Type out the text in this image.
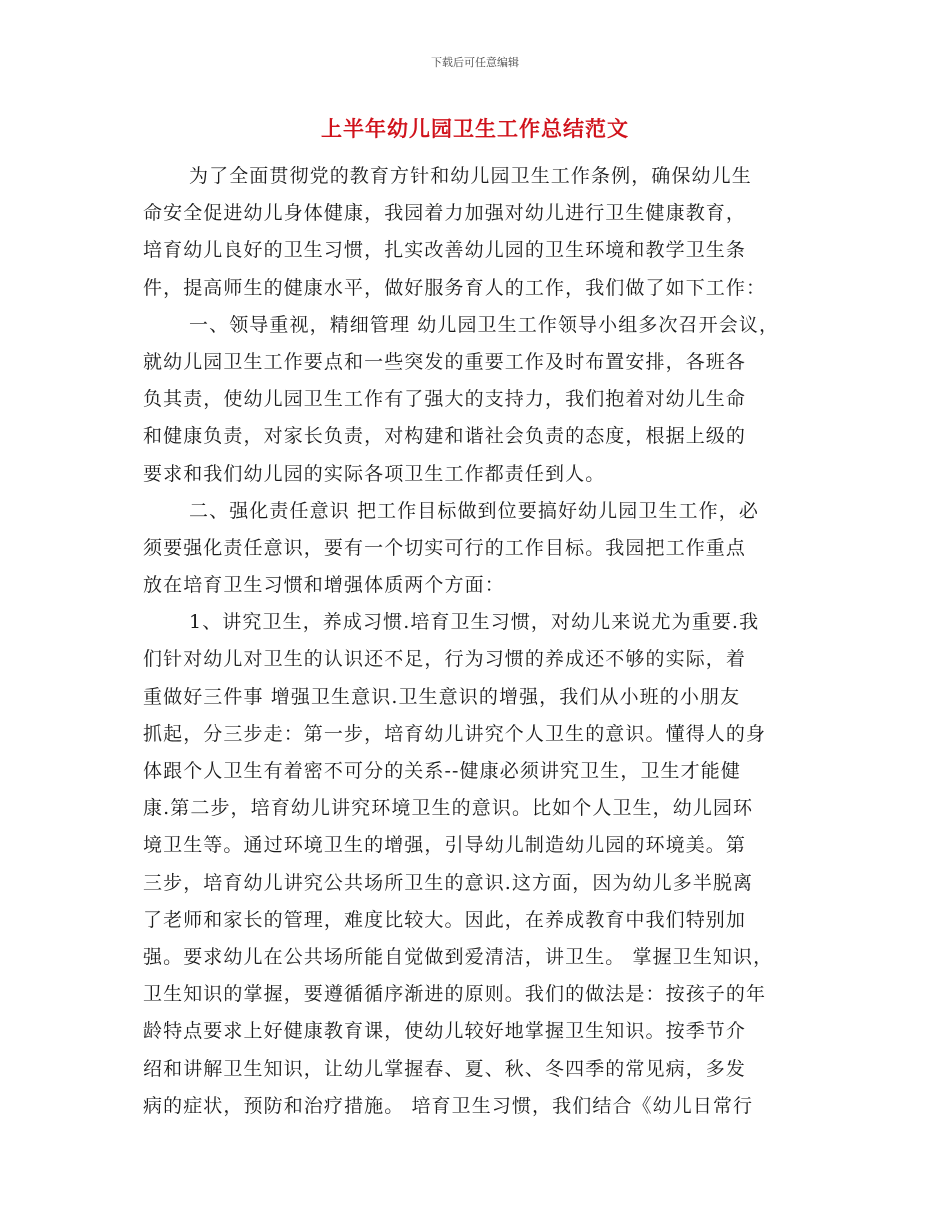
下载后可任意编辑
上半年幼儿园卫生工作总结范文
为了全面贯彻党的教育方针和幼儿园卫生工作条例，确保幼儿生
命安全促进幼儿身体健康，我园着力加强对幼儿进行卫生健康教育，
培育幼儿良好的卫生习惯，扎实改善幼儿园的卫生环境和教学卫生条
件，提高师生的健康水平，做好服务育人的工作，我们做了如下工作：
一、领导重视，精细管理 幼儿园卫生工作领导小组多次召开会议，
就幼儿园卫生工作要点和一些突发的重要工作及时布置安排，各班各
负其责，使幼儿园卫生工作有了强大的支持力，我们抱着对幼儿生命
和健康负责，对家长负责，对构建和谐社会负责的态度，根据上级的
要求和我们幼儿园的实际各项卫生工作都责任到人。
二、强化责任意识 把工作目标做到位要搞好幼儿园卫生工作，必
须要强化责任意识，要有一个切实可行的工作目标。我园把工作重点
放在培育卫生习惯和增强体质两个方面：
1、讲究卫生，养成习惯.培育卫生习惯，对幼儿来说尤为重要.我
们针对幼儿对卫生的认识还不足，行为习惯的养成还不够的实际，着
重做好三件事 增强卫生意识.卫生意识的增强，我们从小班的小朋友
抓起，分三步走：第一步，培育幼儿讲究个人卫生的意识。懂得人的身
体跟个人卫生有着密不可分的关系--健康必须讲究卫生，卫生才能健
康.第二步，培育幼儿讲究环境卫生的意识。比如个人卫生，幼儿园环
境卫生等。通过环境卫生的增强，引导幼儿制造幼儿园的环境美。第
三步，培育幼儿讲究公共场所卫生的意识.这方面，因为幼儿多半脱离
了老师和家长的管理，难度比较大。因此，在养成教育中我们特别加
强。要求幼儿在公共场所能自觉做到爱清洁，讲卫生。 掌握卫生知识，
卫生知识的掌握，要遵循循序渐进的原则。我们的做法是：按孩子的年
龄特点要求上好健康教育课，使幼儿较好地掌握卫生知识。按季节介
绍和讲解卫生知识，让幼儿掌握春、夏、秋、冬四季的常见病，多发
病的症状，预防和治疗措施。 培育卫生习惯，我们结合《幼儿日常行
